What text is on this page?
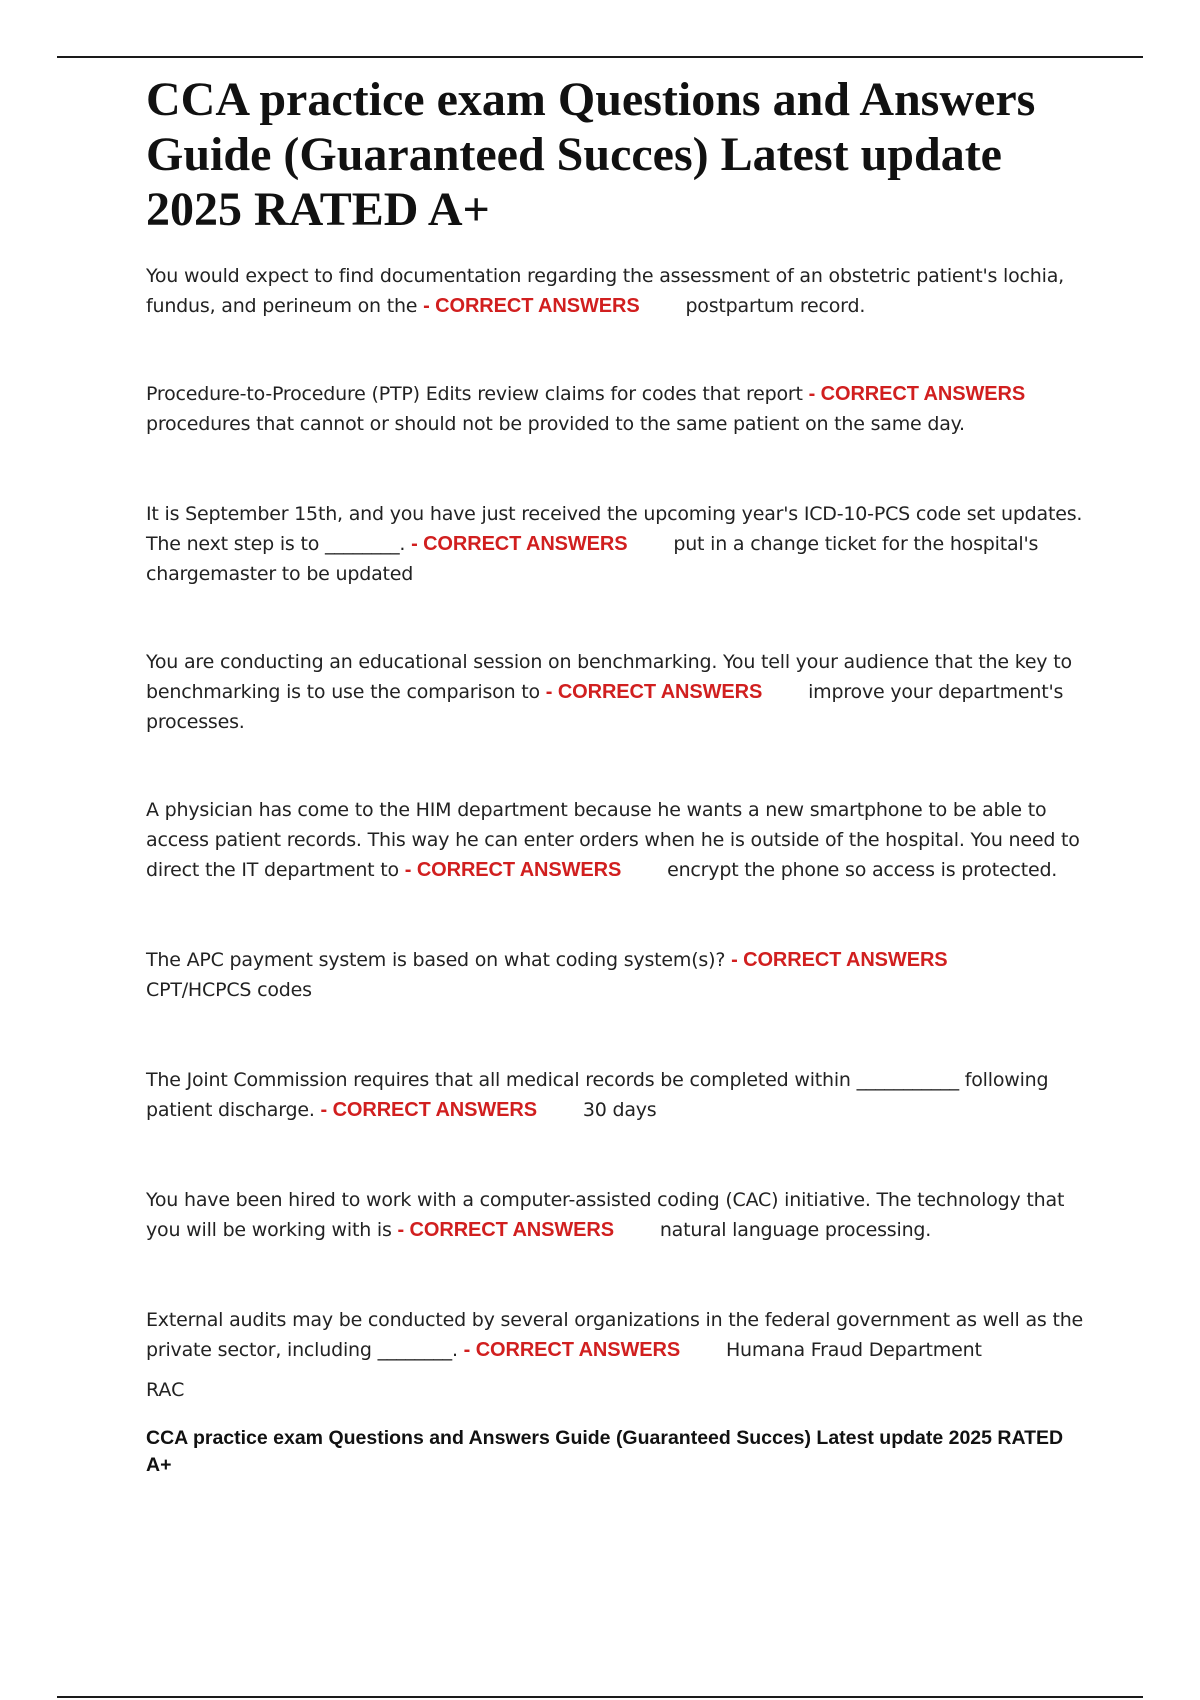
CCA practice exam Questions and Answers Guide (Guaranteed Succes) Latest update 2025 RATED A+

You would expect to find documentation regarding the assessment of an obstetric patient's lochia, fundus, and perineum on the - CORRECT ANSWERS postpartum record.

Procedure-to-Procedure (PTP) Edits review claims for codes that report - CORRECT ANSWERS procedures that cannot or should not be provided to the same patient on the same day.

It is September 15th, and you have just received the upcoming year's ICD-10-PCS code set updates. The next step is to ________. - CORRECT ANSWERS put in a change ticket for the hospital's chargemaster to be updated

You are conducting an educational session on benchmarking. You tell your audience that the key to benchmarking is to use the comparison to - CORRECT ANSWERS improve your department's processes.

A physician has come to the HIM department because he wants a new smartphone to be able to access patient records. This way he can enter orders when he is outside of the hospital. You need to direct the IT department to - CORRECT ANSWERS encrypt the phone so access is protected.

The APC payment system is based on what coding system(s)? - CORRECT ANSWERS
CPT/HCPCS codes

The Joint Commission requires that all medical records be completed within ___________ following patient discharge. - CORRECT ANSWERS 30 days

You have been hired to work with a computer-assisted coding (CAC) initiative. The technology that you will be working with is - CORRECT ANSWERS natural language processing.

External audits may be conducted by several organizations in the federal government as well as the private sector, including ________. - CORRECT ANSWERS Humana Fraud Department

RAC

CCA practice exam Questions and Answers Guide (Guaranteed Succes) Latest update 2025 RATED A+
